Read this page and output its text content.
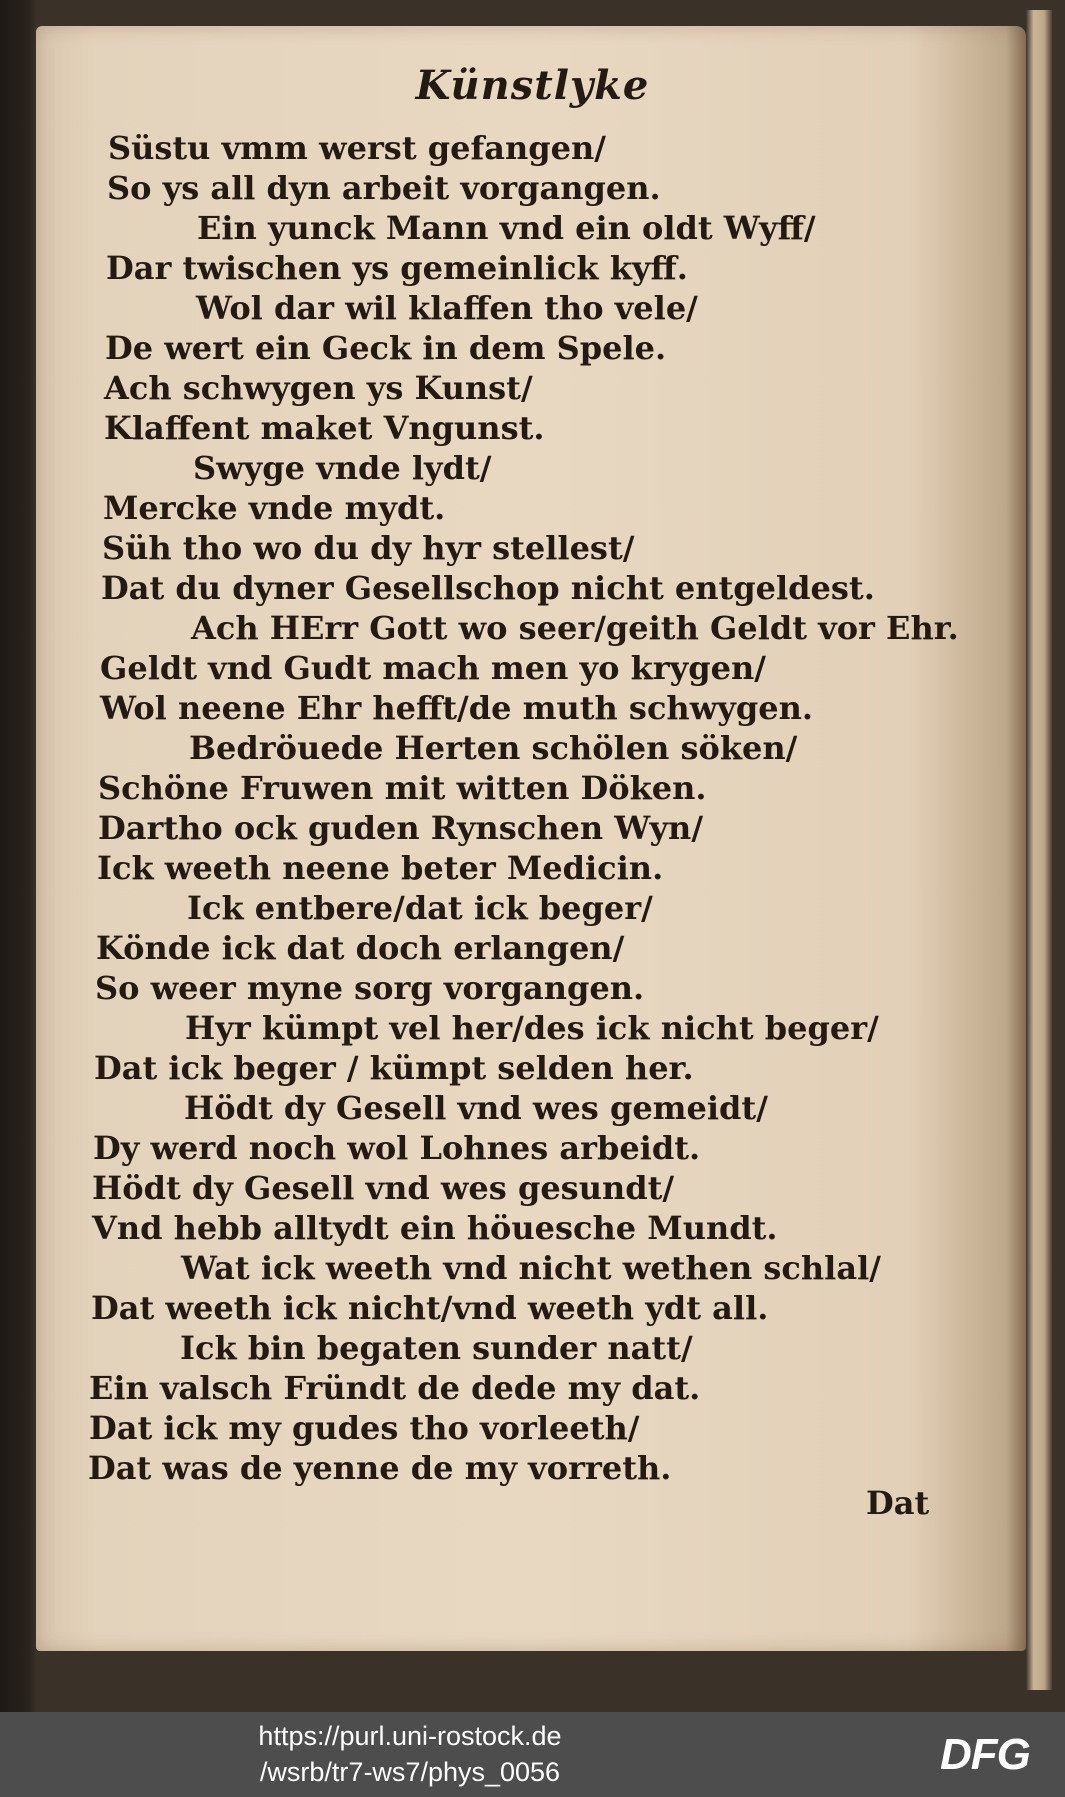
Künstlyke
Süstu vmm werst gefangen/
So ys all dyn arbeit vorgangen.
Ein yunck Mann vnd ein oldt Wyff/
Dar twischen ys gemeinlick kyff.
Wol dar wil klaffen tho vele/
De wert ein Geck in dem Spele.
Ach schwygen ys Kunst/
Klaffent maket Vngunst.
Swyge vnde lydt/
Mercke vnde mydt.
Süh tho wo du dy hyr stellest/
Dat du dyner Gesellschop nicht entgeldest.
Ach HErr Gott wo seer/geith Geldt vor Ehr.
Geldt vnd Gudt mach men yo krygen/
Wol neene Ehr hefft/de muth schwygen.
Bedröuede Herten schölen söken/
Schöne Fruwen mit witten Döken.
Dartho ock guden Rynschen Wyn/
Ick weeth neene beter Medicin.
Ick entbere/dat ick beger/
Könde ick dat doch erlangen/
So weer myne sorg vorgangen.
Hyr kümpt vel her/des ick nicht beger/
Dat ick beger / kümpt selden her.
Hödt dy Gesell vnd wes gemeidt/
Dy werd noch wol Lohnes arbeidt.
Hödt dy Gesell vnd wes gesundt/
Vnd hebb alltydt ein höuesche Mundt.
Wat ick weeth vnd nicht wethen schlal/
Dat weeth ick nicht/vnd weeth ydt all.
Ick bin begaten sunder natt/
Ein valsch Fründt de dede my dat.
Dat ick my gudes tho vorleeth/
Dat was de yenne de my vorreth.
Dat
https://purl.uni-rostock.de
/wsrb/tr7-ws7/phys_0056	DFG
